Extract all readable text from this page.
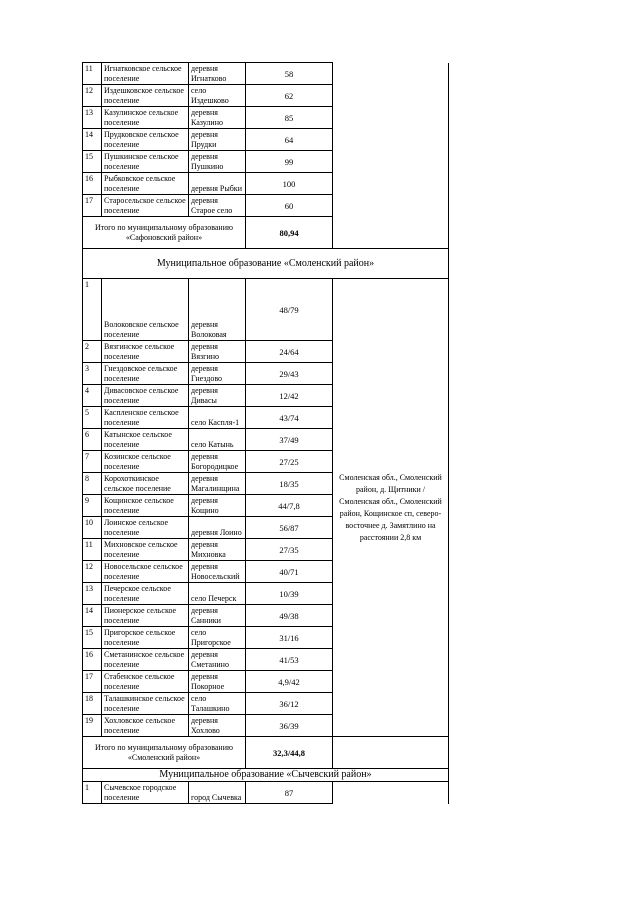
11	Игнатковское сельское поселение	деревня Игнатково	58	
12	Издешковское сельское поселение	село Издешково	62	
13	Казулинское сельское поселение	деревня Казулино	85	
14	Прудковское сельское поселение	деревня Прудки	64	
15	Пушкинское сельское поселение	деревня Пушкино	99	
16	Рыбковское сельское поселение	деревня Рыбки	100	
17	Старосельское сельское поселение	деревня Старое село	60	
Итого по муниципальному образованию «Сафоновский район»			80,94	
Муниципальное образование «Смоленский район»				
1	Волоковское сельское поселение	деревня Волоковая	48/79	Смоленская обл., Смоленский район, д. Щитники / Смоленская обл., Смоленский район, Кощинское сп, северо-восточнее д. Замятлино на расстоянии 2,8 км
2	Вязгинское сельское поселение	деревня Вязгино	24/64	
3	Гнездовское сельское поселение	деревня Гнездово	29/43	
4	Дивасовское сельское поселение	деревня Дивасы	12/42	
5	Каспленское сельское поселение	село Каспля-1	43/74	
6	Катынское сельское поселение	село Катынь	37/49	
7	Козинское сельское поселение	деревня Богородицкое	27/25	
8	Корохоткинское сельское поселение	деревня Магалинщина	18/35	
9	Кощинское сельское поселение	деревня Кощино	44/7,8	
10	Лоинское сельское поселение	деревня Лоино	56/87	
11	Михновское сельское поселение	деревня Михновка	27/35	
12	Новосельское сельское поселение	деревня Новосельский	40/71	
13	Печерское сельское поселение	село Печерск	10/39	
14	Пионерское сельское поселение	деревня Санники	49/38	
15	Пригорское сельское поселение	село Пригорское	31/16	
16	Сметанинское сельское поселение	деревня Сметанино	41/53	
17	Стабенское сельское поселение	деревня Покорное	4,9/42	
18	Талашкинское сельское поселение	село Талашкино	36/12	
19	Хохловское сельское поселение	деревня Хохлово	36/39	
Итого по муниципальному образованию «Смоленский район»			32,3/44,8	
Муниципальное образование «Сычевский район»				
1	Сычевское городское поселение	город Сычевка	87	
